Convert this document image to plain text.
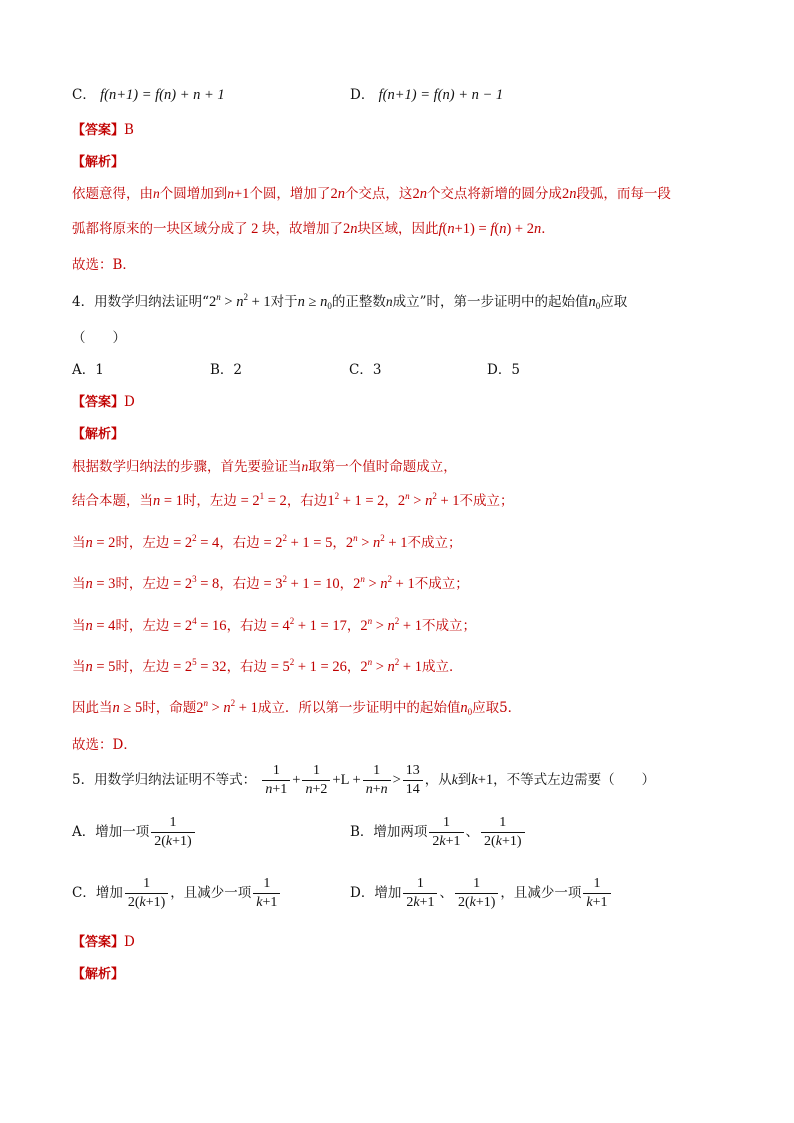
C． f(n+1) = f(n) + n + 1	D． f(n+1) = f(n) + n − 1
【答案】B
【解析】
依题意得，由n个圆增加到n+1个圆，增加了2n个交点，这2n个交点将新增的圆分成2n段弧，而每一段
弧都将原来的一块区域分成了 2 块，故增加了2n块区域，因此f(n+1) = f(n) + 2n．
故选：B．
4．用数学归纳法证明“$2^n > n^2 + 1$对于$n \ge n_0$的正整数n成立”时，第一步证明中的起始值$n_0$应取
（　　）
A．1	B．2	C．3	D．5
【答案】D
【解析】
根据数学归纳法的步骤，首先要验证当n取第一个值时命题成立，
结合本题，当n = 1时，左边 = $2^1 = 2$，右边$1^2 + 1 = 2$，$2^n > n^2 + 1$不成立；
当n = 2时，左边 = $2^2 = 4$，右边 = $2^2 + 1 = 5$，$2^n > n^2 + 1$不成立；
当n = 3时，左边 = $2^3 = 8$，右边 = $3^2 + 1 = 10$，$2^n > n^2 + 1$不成立；
当n = 4时，左边 = $2^4 = 16$，右边 = $4^2 + 1 = 17$，$2^n > n^2 + 1$不成立；
当n = 5时，左边 = $2^5 = 32$，右边 = $5^2 + 1 = 26$，$2^n > n^2 + 1$成立．
因此当n ≥ 5时，命题$2^n > n^2 + 1$成立．所以第一步证明中的起始值$n_0$应取5．
故选：D．
5．用数学归纳法证明不等式： $\frac{1}{n+1} + \frac{1}{n+2} +L + \frac{1}{n+n} > \frac{13}{14}$ ，从k到k+1，不等式左边需要（　　）
A．增加一项 $\frac{1}{2(k+1)}$	B．增加两项 $\frac{1}{2k+1}$ 、 $\frac{1}{2(k+1)}$
C．增加 $\frac{1}{2(k+1)}$ ，且减少一项 $\frac{1}{k+1}$	D．增加 $\frac{1}{2k+1}$ 、 $\frac{1}{2(k+1)}$ ，且减少一项 $\frac{1}{k+1}$
【答案】D
【解析】
